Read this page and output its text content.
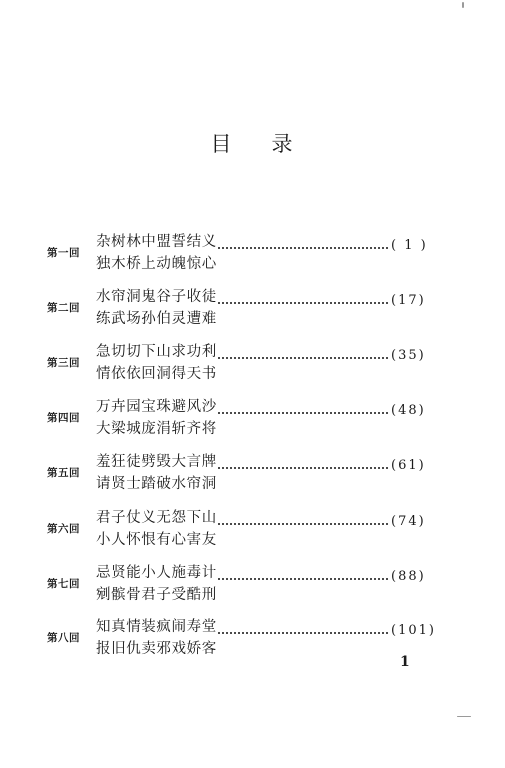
目 录
第一回
杂树林中盟誓结义
独木桥上动魄惊心
( 1 )
第二回
水帘洞鬼谷子收徒
练武场孙伯灵遭难
(17)
第三回
急切切下山求功利
情依依回洞得天书
(35)
第四回
万卉园宝珠避风沙
大梁城庞涓斩齐将
(48)
第五回
羞狂徒劈毁大言牌
请贤士踏破水帘洞
(61)
第六回
君子仗义无怨下山
小人怀恨有心害友
(74)
第七回
忌贤能小人施毒计
剜髌骨君子受酷刑
(88)
第八回
知真情装疯闹寿堂
报旧仇卖邪戏娇客
(101)
1
